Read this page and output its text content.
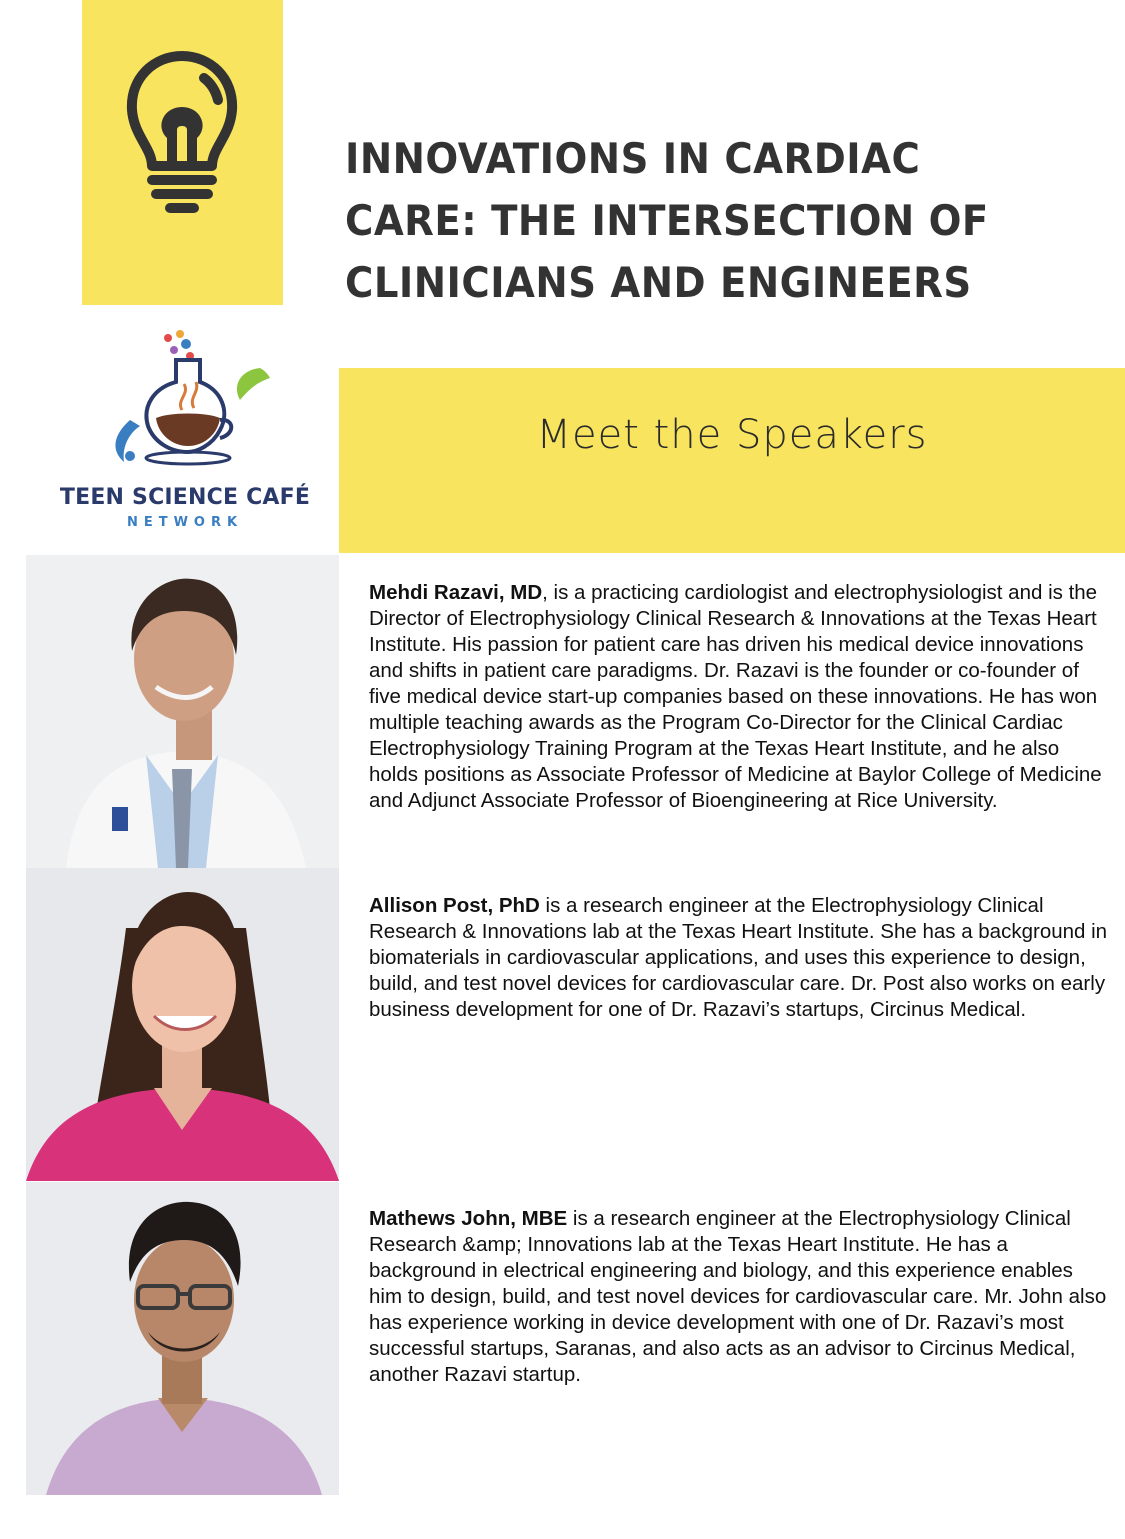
INNOVATIONS IN CARDIAC
CARE: THE INTERSECTION OF
CLINICIANS AND ENGINEERS
TEEN SCIENCE CAFÉ
NETWORK
Meet the Speakers

Mehdi Razavi, MD, is a practicing cardiologist and electrophysiologist and is the Director of Electrophysiology Clinical Research & Innovations at the Texas Heart Institute. His passion for patient care has driven his medical device innovations and shifts in patient care paradigms. Dr. Razavi is the founder or co-founder of five medical device start-up companies based on these innovations. He has won multiple teaching awards as the Program Co-Director for the Clinical Cardiac Electrophysiology Training Program at the Texas Heart Institute, and he also holds positions as Associate Professor of Medicine at Baylor College of Medicine and Adjunct Associate Professor of Bioengineering at Rice University.

Allison Post, PhD is a research engineer at the Electrophysiology Clinical Research & Innovations lab at the Texas Heart Institute. She has a background in biomaterials in cardiovascular applications, and uses this experience to design, build, and test novel devices for cardiovascular care. Dr. Post also works on early business development for one of Dr. Razavi’s startups, Circinus Medical.

Mathews John, MBE is a research engineer at the Electrophysiology Clinical Research &amp; Innovations lab at the Texas Heart Institute. He has a background in electrical engineering and biology, and this experience enables him to design, build, and test novel devices for cardiovascular care. Mr. John also has experience working in device development with one of Dr. Razavi’s most successful startups, Saranas, and also acts as an advisor to Circinus Medical, another Razavi startup.
